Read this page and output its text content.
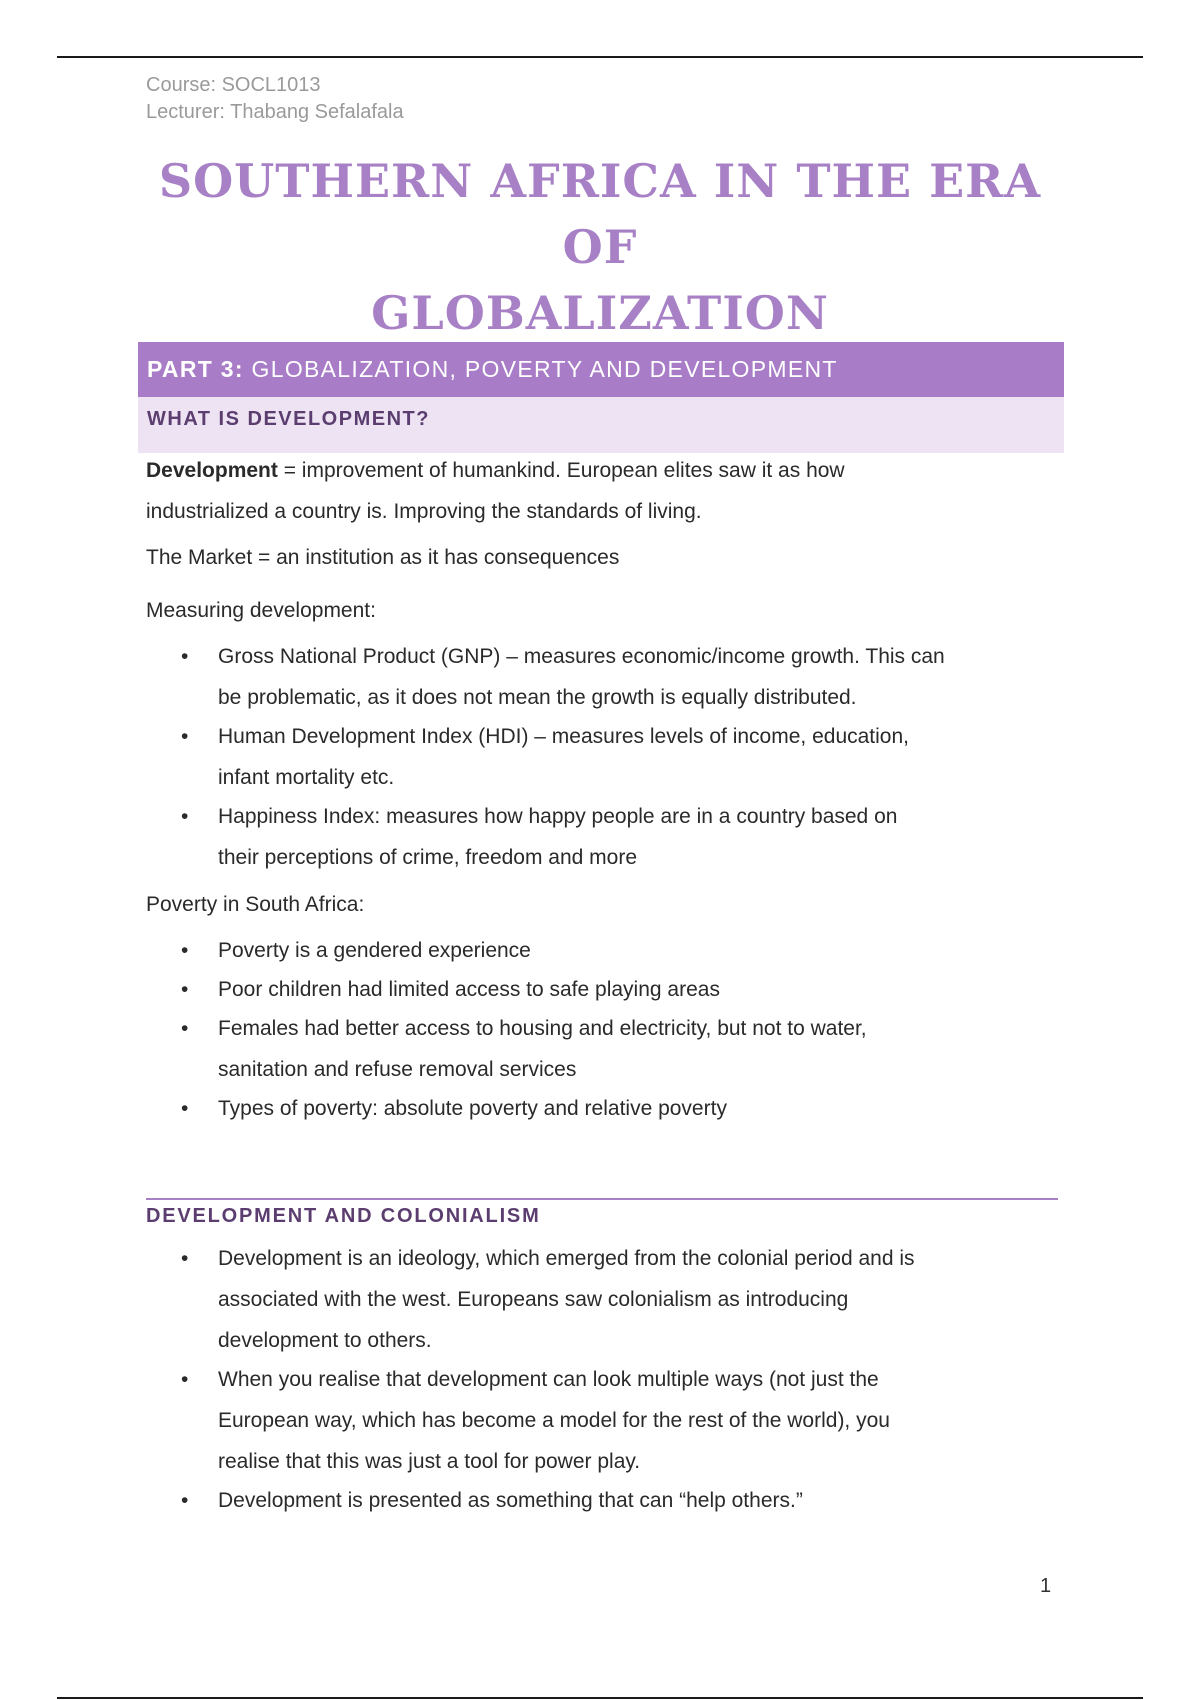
Course: SOCL1013
Lecturer: Thabang Sefalafala
SOUTHERN AFRICA IN THE ERA OF
GLOBALIZATION
PART 3: GLOBALIZATION, POVERTY AND DEVELOPMENT
WHAT IS DEVELOPMENT?

Development = improvement of humankind. European elites saw it as how
industrialized a country is. Improving the standards of living.

The Market = an institution as it has consequences

Measuring development:

• Gross National Product (GNP) – measures economic/income growth. This can
be problematic, as it does not mean the growth is equally distributed.
• Human Development Index (HDI) – measures levels of income, education,
infant mortality etc.
• Happiness Index: measures how happy people are in a country based on
their perceptions of crime, freedom and more

Poverty in South Africa:

• Poverty is a gendered experience
• Poor children had limited access to safe playing areas
• Females had better access to housing and electricity, but not to water,
sanitation and refuse removal services
• Types of poverty: absolute poverty and relative poverty
DEVELOPMENT AND COLONIALISM
• Development is an ideology, which emerged from the colonial period and is
associated with the west. Europeans saw colonialism as introducing
development to others.
• When you realise that development can look multiple ways (not just the
European way, which has become a model for the rest of the world), you
realise that this was just a tool for power play.
• Development is presented as something that can “help others.”
1
